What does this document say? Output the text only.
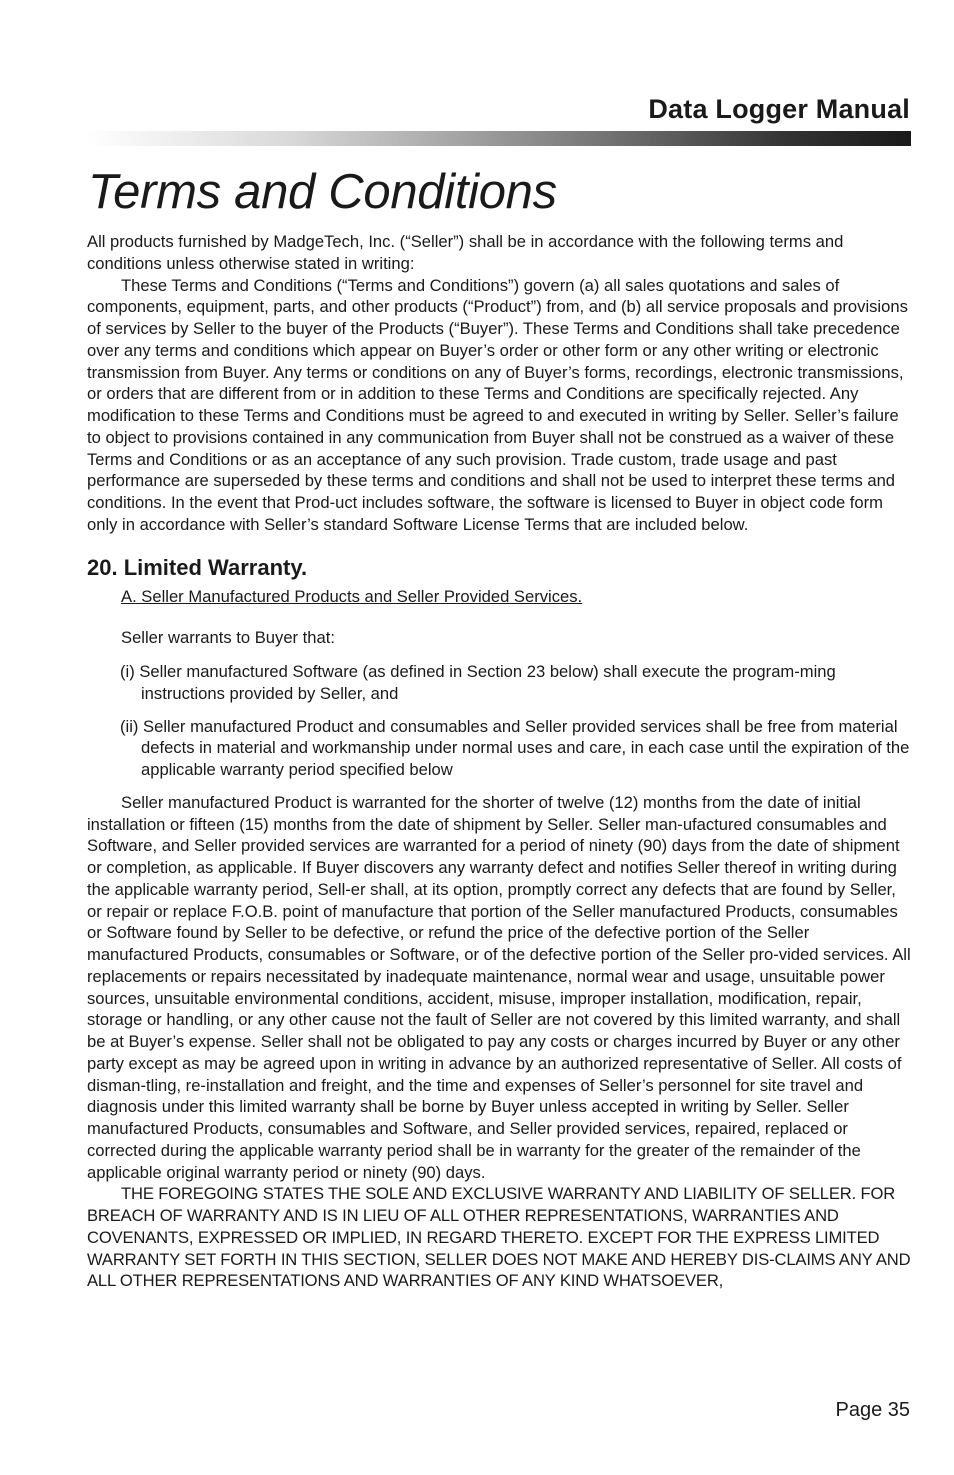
Data Logger Manual
Terms and Conditions

All products furnished by MadgeTech, Inc. (“Seller”) shall be in accordance with the following terms and conditions unless otherwise stated in writing:

These Terms and Conditions (“Terms and Conditions”) govern (a) all sales quotations and sales of components, equipment, parts, and other products (“Product”) from, and (b) all service proposals and provisions of services by Seller to the buyer of the Products (“Buyer”). These Terms and Conditions shall take precedence over any terms and conditions which appear on Buyer’s order or other form or any other writing or electronic transmission from Buyer. Any terms or conditions on any of Buyer’s forms, recordings, electronic transmissions, or orders that are different from or in addition to these Terms and Conditions are specifically rejected. Any modification to these Terms and Conditions must be agreed to and executed in writing by Seller. Seller’s failure to object to provisions contained in any communication from Buyer shall not be construed as a waiver of these Terms and Conditions or as an acceptance of any such provision. Trade custom, trade usage and past performance are superseded by these terms and conditions and shall not be used to interpret these terms and conditions. In the event that Prod-uct includes software, the software is licensed to Buyer in object code form only in accordance with Seller’s standard Software License Terms that are included below.

20. Limited Warranty.

A. Seller Manufactured Products and Seller Provided Services.

Seller warrants to Buyer that:

(i) Seller manufactured Software (as defined in Section 23 below) shall execute the program-ming instructions provided by Seller, and

(ii) Seller manufactured Product and consumables and Seller provided services shall be free from material defects in material and workmanship under normal uses and care, in each case until the expiration of the applicable warranty period specified below

Seller manufactured Product is warranted for the shorter of twelve (12) months from the date of initial installation or fifteen (15) months from the date of shipment by Seller. Seller man-ufactured consumables and Software, and Seller provided services are warranted for a period of ninety (90) days from the date of shipment or completion, as applicable. If Buyer discovers any warranty defect and notifies Seller thereof in writing during the applicable warranty period, Sell-er shall, at its option, promptly correct any defects that are found by Seller, or repair or replace F.O.B. point of manufacture that portion of the Seller manufactured Products, consumables or Software found by Seller to be defective, or refund the price of the defective portion of the Seller manufactured Products, consumables or Software, or of the defective portion of the Seller pro-vided services. All replacements or repairs necessitated by inadequate maintenance, normal wear and usage, unsuitable power sources, unsuitable environmental conditions, accident, misuse, improper installation, modification, repair, storage or handling, or any other cause not the fault of Seller are not covered by this limited warranty, and shall be at Buyer’s expense. Seller shall not be obligated to pay any costs or charges incurred by Buyer or any other party except as may be agreed upon in writing in advance by an authorized representative of Seller. All costs of disman-tling, re-installation and freight, and the time and expenses of Seller’s personnel for site travel and diagnosis under this limited warranty shall be borne by Buyer unless accepted in writing by Seller. Seller manufactured Products, consumables and Software, and Seller provided services, repaired, replaced or corrected during the applicable warranty period shall be in warranty for the greater of the remainder of the applicable original warranty period or ninety (90) days.

THE FOREGOING STATES THE SOLE AND EXCLUSIVE WARRANTY AND LIABILITY OF SELLER. FOR BREACH OF WARRANTY AND IS IN LIEU OF ALL OTHER REPRESENTATIONS, WARRANTIES AND COVENANTS, EXPRESSED OR IMPLIED, IN REGARD THERETO. EXCEPT FOR THE EXPRESS LIMITED WARRANTY SET FORTH IN THIS SECTION, SELLER DOES NOT MAKE AND HEREBY DIS-CLAIMS ANY AND ALL OTHER REPRESENTATIONS AND WARRANTIES OF ANY KIND WHATSOEVER,

Page 35
